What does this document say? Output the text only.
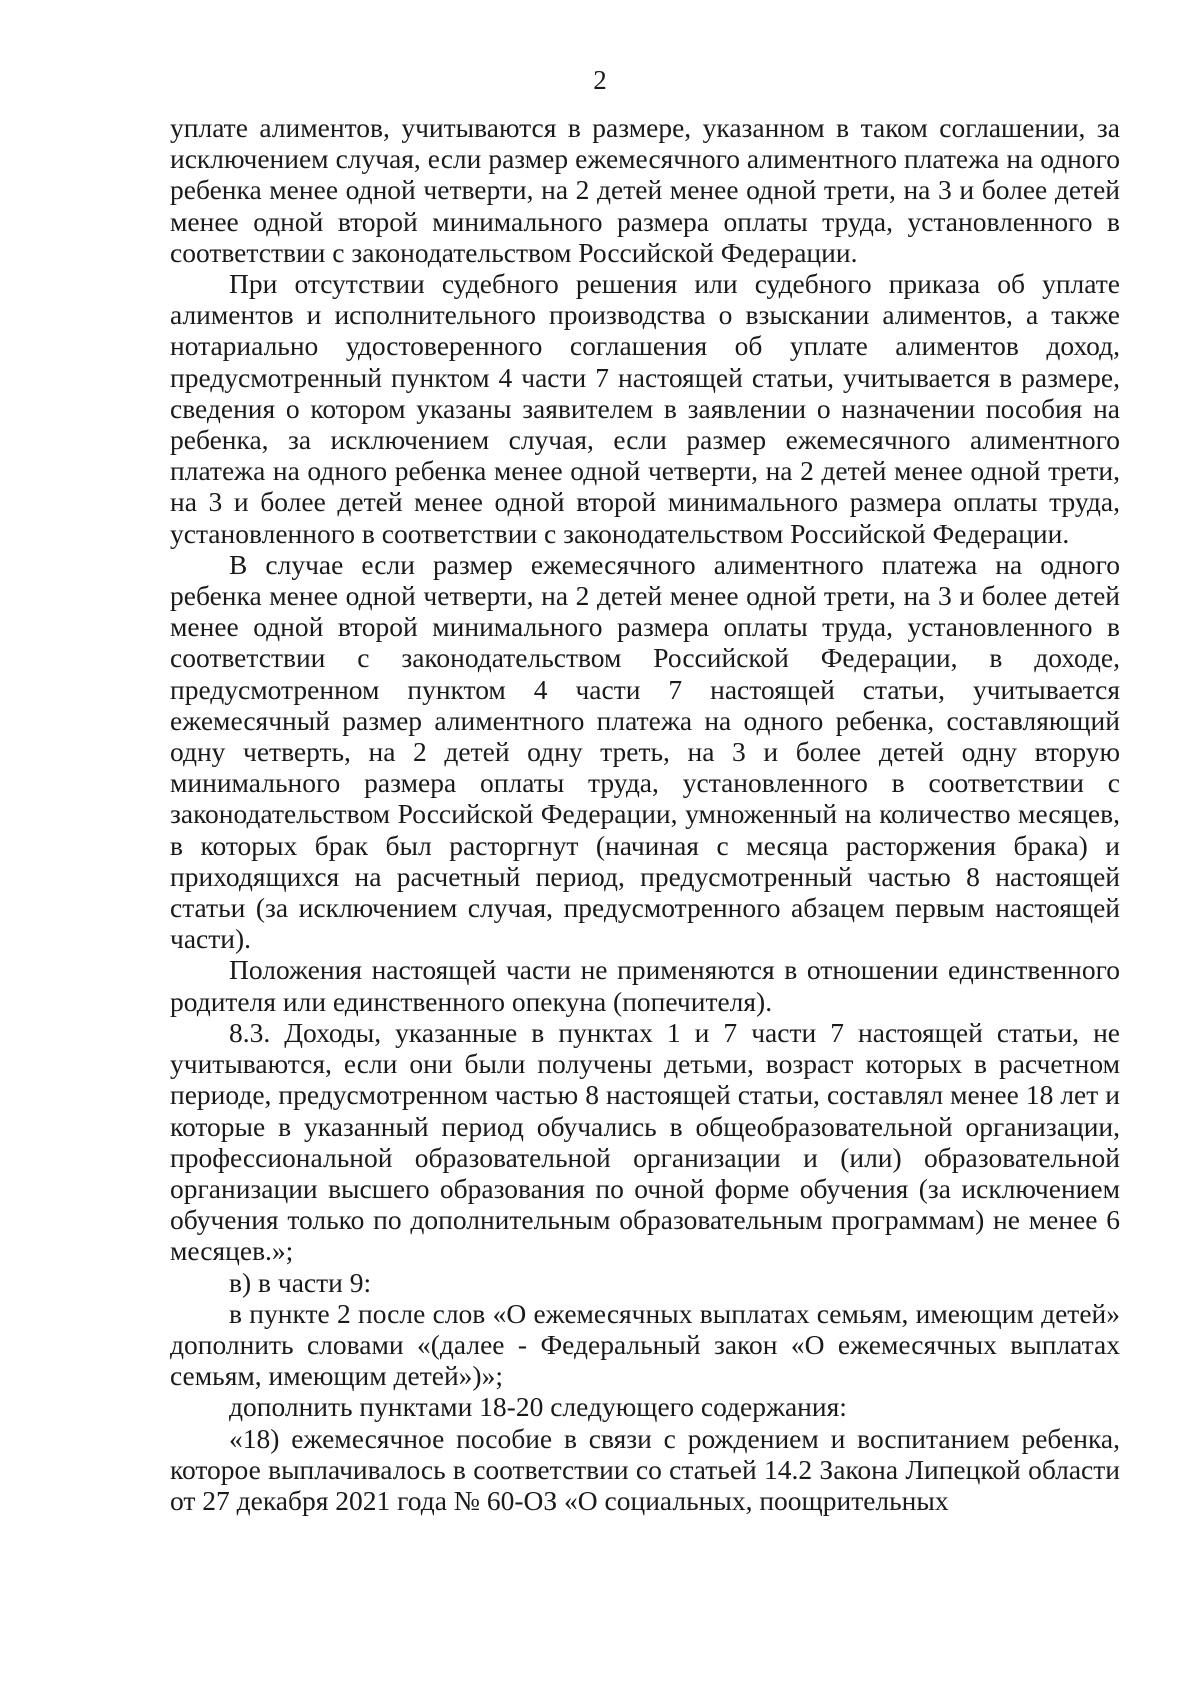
2

уплате алиментов, учитываются в размере, указанном в таком соглашении, за исключением случая, если размер ежемесячного алиментного платежа на одного ребенка менее одной четверти, на 2 детей менее одной трети, на 3 и более детей менее одной второй минимального размера оплаты труда, установленного в соответствии с законодательством Российской Федерации.

При отсутствии судебного решения или судебного приказа об уплате алиментов и исполнительного производства о взыскании алиментов, а также нотариально удостоверенного соглашения об уплате алиментов доход, предусмотренный пунктом 4 части 7 настоящей статьи, учитывается в размере, сведения о котором указаны заявителем в заявлении о назначении пособия на ребенка, за исключением случая, если размер ежемесячного алиментного платежа на одного ребенка менее одной четверти, на 2 детей менее одной трети, на 3 и более детей менее одной второй минимального размера оплаты труда, установленного в соответствии с законодательством Российской Федерации.

В случае если размер ежемесячного алиментного платежа на одного ребенка менее одной четверти, на 2 детей менее одной трети, на 3 и более детей менее одной второй минимального размера оплаты труда, установленного в соответствии с законодательством Российской Федерации, в доходе, предусмотренном пунктом 4 части 7 настоящей статьи, учитывается ежемесячный размер алиментного платежа на одного ребенка, составляющий одну четверть, на 2 детей одну треть, на 3 и более детей одну вторую минимального размера оплаты труда, установленного в соответствии с законодательством Российской Федерации, умноженный на количество месяцев, в которых брак был расторгнут (начиная с месяца расторжения брака) и приходящихся на расчетный период, предусмотренный частью 8 настоящей статьи (за исключением случая, предусмотренного абзацем первым настоящей части).

Положения настоящей части не применяются в отношении единственного родителя или единственного опекуна (попечителя).

8.3. Доходы, указанные в пунктах 1 и 7 части 7 настоящей статьи, не учитываются, если они были получены детьми, возраст которых в расчетном периоде, предусмотренном частью 8 настоящей статьи, составлял менее 18 лет и которые в указанный период обучались в общеобразовательной организации, профессиональной образовательной организации и (или) образовательной организации высшего образования по очной форме обучения (за исключением обучения только по дополнительным образовательным программам) не менее 6 месяцев.»;

в) в части 9:

в пункте 2 после слов «О ежемесячных выплатах семьям, имеющим детей» дополнить словами «(далее - Федеральный закон «О ежемесячных выплатах семьям, имеющим детей»)»;

дополнить пунктами 18-20 следующего содержания:

«18) ежемесячное пособие в связи с рождением и воспитанием ребенка, которое выплачивалось в соответствии со статьей 14.2 Закона Липецкой области от 27 декабря 2021 года № 60-ОЗ «О социальных, поощрительных
